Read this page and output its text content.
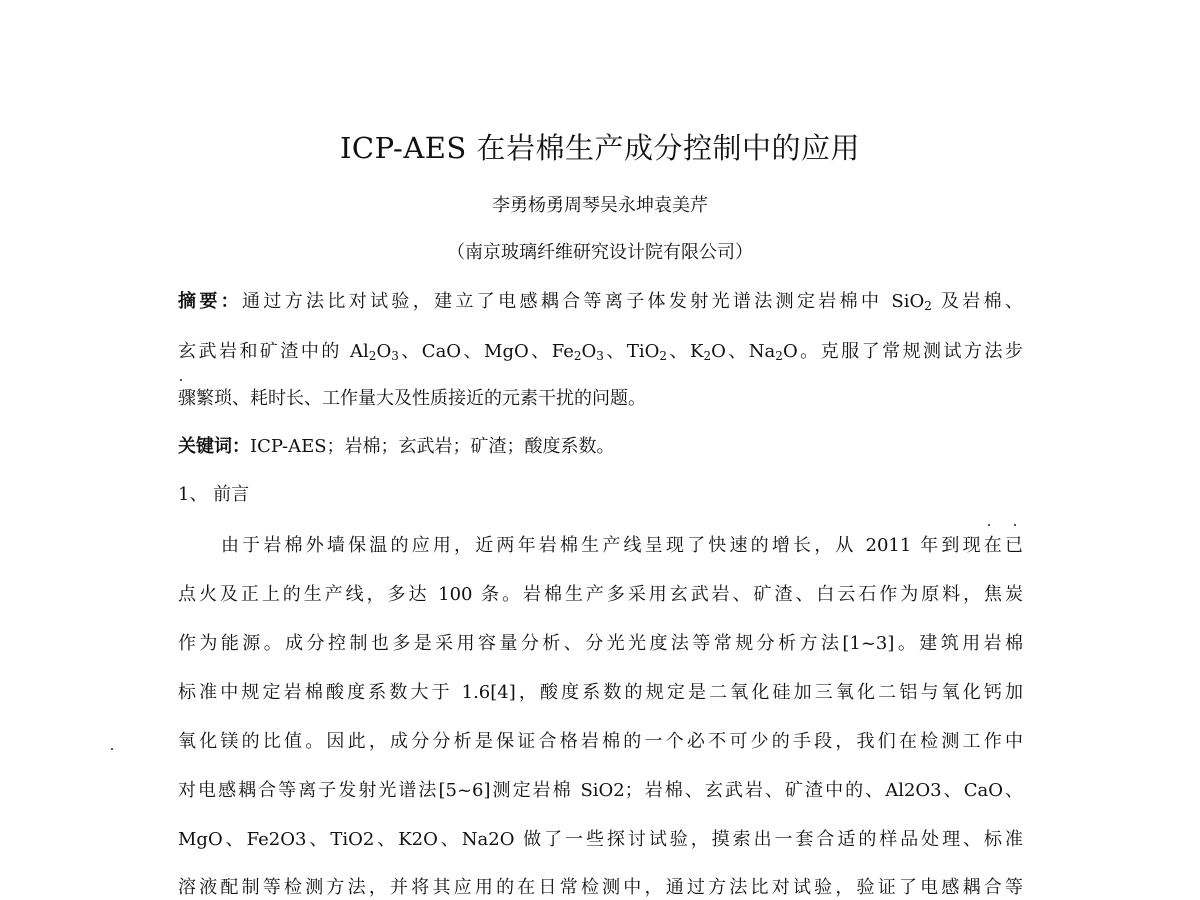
ICP-AES 在岩棉生产成分控制中的应用
李勇杨勇周琴吴永坤袁美芹
（南京玻璃纤维研究设计院有限公司）
摘要：通过方法比对试验，建立了电感耦合等离子体发射光谱法测定岩棉中 SiO$_2$ 及岩棉、
玄武岩和矿渣中的 $Al_2O_3$、CaO、MgO、$Fe_2O_3$、TiO$_2$、$K_2O$、$Na_2O$。克服了常规测试方法步
骤繁琐、耗时长、工作量大及性质接近的元素干扰的问题。
关键词：ICP-AES；岩棉；玄武岩；矿渣；酸度系数。
1、 前言
由于岩棉外墙保温的应用，近两年岩棉生产线呈现了快速的增长，从 2011 年到现在已
点火及正上的生产线，多达 100 条。岩棉生产多采用玄武岩、矿渣、白云石作为原料，焦炭
作为能源。成分控制也多是采用容量分析、分光光度法等常规分析方法[1~3]。建筑用岩棉
标准中规定岩棉酸度系数大于 1.6[4]，酸度系数的规定是二氧化硅加三氧化二铝与氧化钙加
氧化镁的比值。因此，成分分析是保证合格岩棉的一个必不可少的手段，我们在检测工作中
对电感耦合等离子发射光谱法[5~6]测定岩棉 SiO2；岩棉、玄武岩、矿渣中的、Al2O3、CaO、
MgO、Fe2O3、TiO2、K2O、Na2O 做了一些探讨试验，摸索出一套合适的样品处理、标准
溶液配制等检测方法，并将其应用的在日常检测中，通过方法比对试验，验证了电感耦合等
